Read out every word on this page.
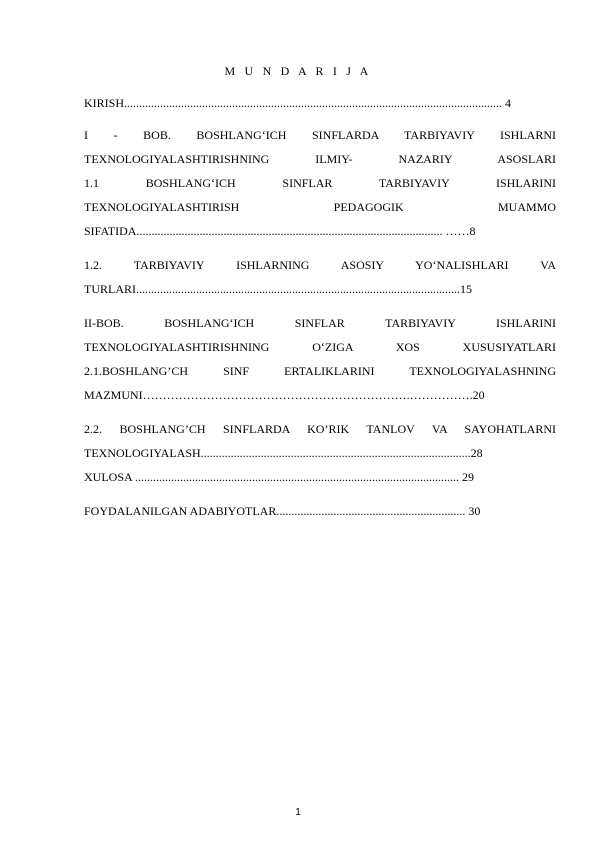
M U N D A R I J A
KIRISH.............................................................................................................................. 4
I - BOB. BOSHLANG‘ICH SINFLARDA TARBIYAVIY ISHLARNI
TEXNOLOGIYALASHTIRISHNING ILMIY- NAZARIY ASOSLARI
1.1 BOSHLANG‘ICH SINFLAR TARBIYAVIY ISHLARINI
TEXNOLOGIYALASHTIRISH PEDAGOGIK MUAMMO
SIFATIDA...................................................................................................... ……8
1.2. TARBIYAVIY ISHLARNING ASOSIY YO‘NALISHLARI VA
TURLARI............................................................................................................15
II-BOB. BOSHLANG‘ICH SINFLAR TARBIYAVIY ISHLARINI
TEXNOLOGIYALASHTIRISHNING O‘ZIGA XOS XUSUSIYATLARI
2.1.BOSHLANG’CH SINF ERTALIKLARINI TEXNOLOGIYALASHNING
MAZMUNI………………………………………………………….…………….20
2.2. BOSHLANG’CH SINFLARDA KO’RIK TANLOV VA SAYOHATLARNI
TEXNOLOGIYALASH..........................................................................................28
XULOSA ............................................................................................................ 29
FOYDALANILGAN ADABIYOTLAR............................................................... 30
1
